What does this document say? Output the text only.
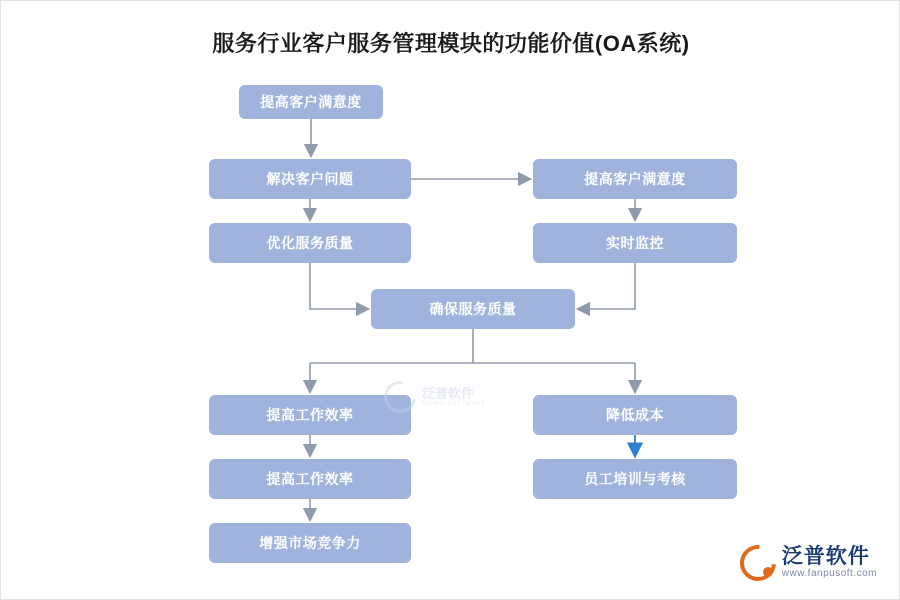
服务行业客户服务管理模块的功能价值(OA系统)
提高客户满意度
解决客户问题	提高客户满意度
优化服务质量	实时监控
确保服务质量
提高工作效率	降低成本
提高工作效率	员工培训与考核
增强市场竞争力
泛普软件
FANPU SOFTWARE
泛普软件
www.fanpusoft.com
